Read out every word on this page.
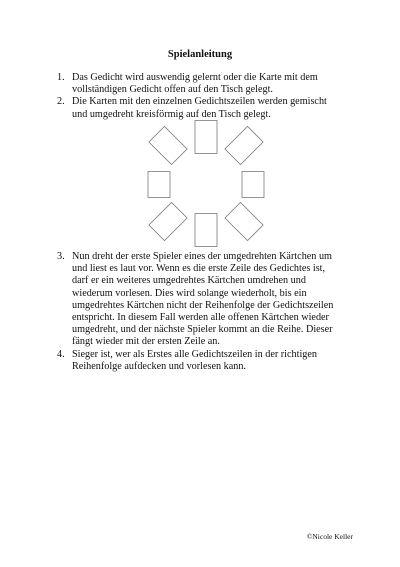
Spielanleitung
1. Das Gedicht wird auswendig gelernt oder die Karte mit dem
vollständigen Gedicht offen auf den Tisch gelegt.
2. Die Karten mit den einzelnen Gedichtszeilen werden gemischt
und umgedreht kreisförmig auf den Tisch gelegt.
3. Nun dreht der erste Spieler eines der umgedrehten Kärtchen um
und liest es laut vor. Wenn es die erste Zeile des Gedichtes ist,
darf er ein weiteres umgedrehtes Kärtchen umdrehen und
wiederum vorlesen. Dies wird solange wiederholt, bis ein
umgedrehtes Kärtchen nicht der Reihenfolge der Gedichtszeilen
entspricht. In diesem Fall werden alle offenen Kärtchen wieder
umgedreht, und der nächste Spieler kommt an die Reihe. Dieser
fängt wieder mit der ersten Zeile an.
4. Sieger ist, wer als Erstes alle Gedichtszeilen in der richtigen
Reihenfolge aufdecken und vorlesen kann.
©Nicole Keller
